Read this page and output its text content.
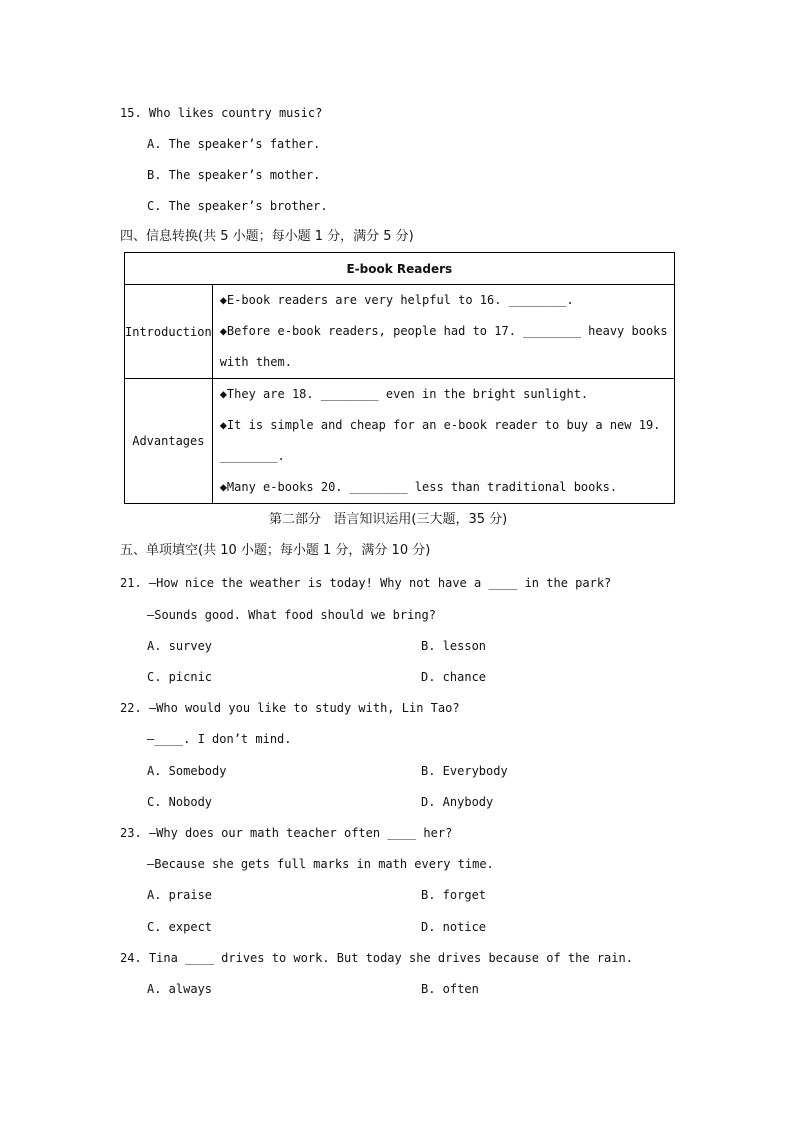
15. Who likes country music?
A. The speaker’s father.
B. The speaker’s mother.
C. The speaker’s brother.
四、信息转换(共 5 小题；每小题 1 分，满分 5 分)
E-book Readers	
Introduction	◆E-book readers are very helpful to 16. ________.
◆Before e-book readers, people had to 17. ________ heavy books
with them.

Advantages	◆They are 18. ________ even in the bright sunlight.
◆It is simple and cheap for an e-book reader to buy a new 19.
________.
◆Many e-books 20. ________ less than traditional books.
第二部分   语言知识运用(三大题，35 分)
五、单项填空(共 10 小题；每小题 1 分，满分 10 分)
21. —How nice the weather is today! Why not have a ____ in the park?
—Sounds good. What food should we bring?
A. survey	B. lesson
C. picnic	D. chance
22. —Who would you like to study with, Lin Tao?
—____. I don’t mind.
A. Somebody	B. Everybody
C. Nobody	D. Anybody
23. —Why does our math teacher often ____ her?
—Because she gets full marks in math every time.
A. praise	B. forget
C. expect	D. notice
24. Tina ____ drives to work. But today she drives because of the rain.
A. always	B. often
